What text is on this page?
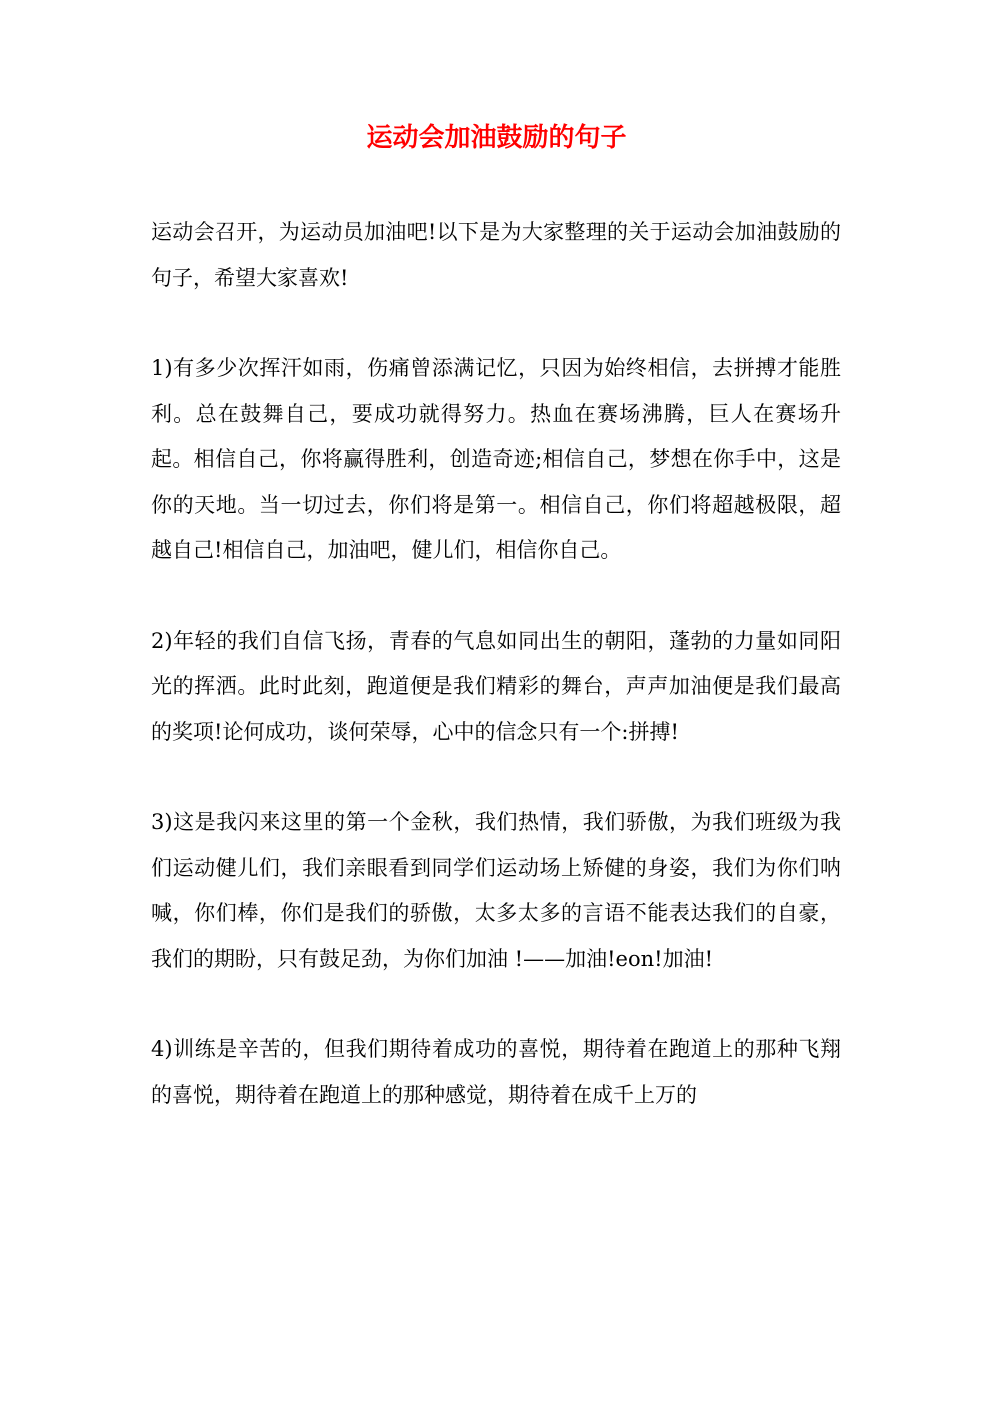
运动会加油鼓励的句子

运动会召开，为运动员加油吧!以下是为大家整理的关于运动会加油鼓励的句子，希望大家喜欢!

1)有多少次挥汗如雨，伤痛曾添满记忆，只因为始终相信，去拼搏才能胜利。总在鼓舞自己，要成功就得努力。热血在赛场沸腾，巨人在赛场升起。相信自己，你将赢得胜利，创造奇迹;相信自己，梦想在你手中，这是你的天地。当一切过去，你们将是第一。相信自己，你们将超越极限，超越自己!相信自己，加油吧，健儿们，相信你自己。

2)年轻的我们自信飞扬，青春的气息如同出生的朝阳，蓬勃的力量如同阳光的挥洒。此时此刻，跑道便是我们精彩的舞台，声声加油便是我们最高的奖项!论何成功，谈何荣辱，心中的信念只有一个:拼搏!

3)这是我闪来这里的第一个金秋，我们热情，我们骄傲，为我们班级为我们运动健儿们，我们亲眼看到同学们运动场上矫健的身姿，我们为你们呐喊，你们棒，你们是我们的骄傲，太多太多的言语不能表达我们的自豪，我们的期盼，只有鼓足劲，为你们加油 !——加油!eon!加油!

4)训练是辛苦的，但我们期待着成功的喜悦，期待着在跑道上的那种飞翔的喜悦，期待着在跑道上的那种感觉，期待着在成千上万的
